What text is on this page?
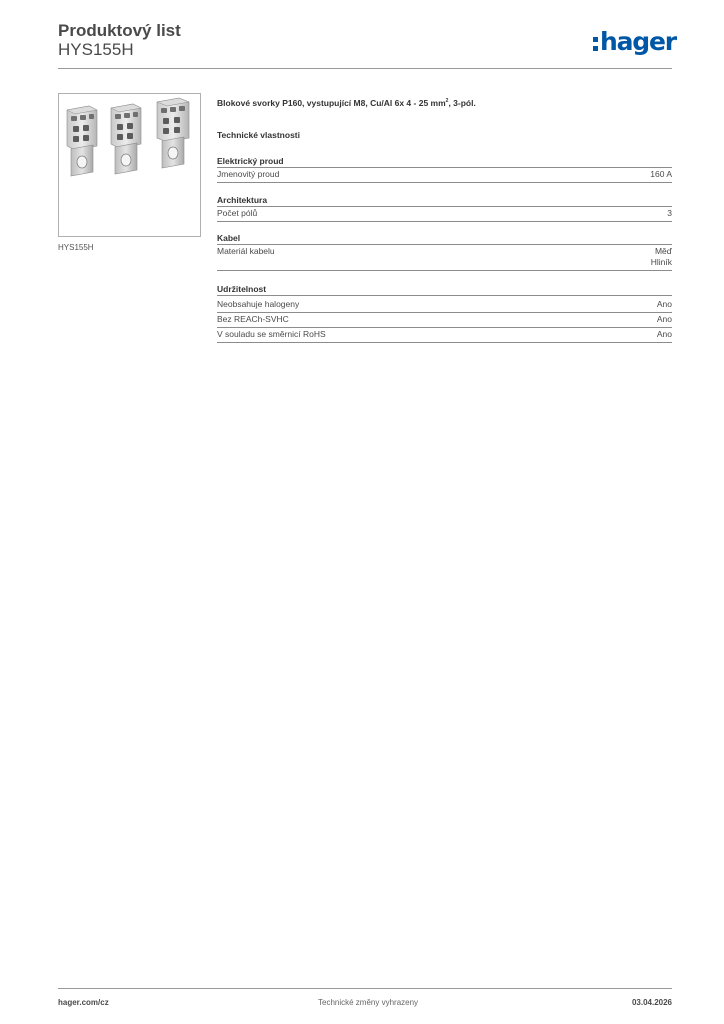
Produktový list
HYS155H	hager
HYS155H

Blokové svorky P160, vystupující M8, Cu/Al 6x 4 - 25 $mm^2$, 3-pól.

Technické vlastnosti
Elektrický proud
Jmenovitý proud	160 A
Architektura
Počet pólů	3
Kabel
Materiál kabelu	Měď
Hliník
Udržitelnost
Neobsahuje halogeny	Ano
Bez REACh-SVHC	Ano
V souladu se směrnicí RoHS	Ano
hager.com/cz	Technické změny vyhrazeny	03.04.2026
